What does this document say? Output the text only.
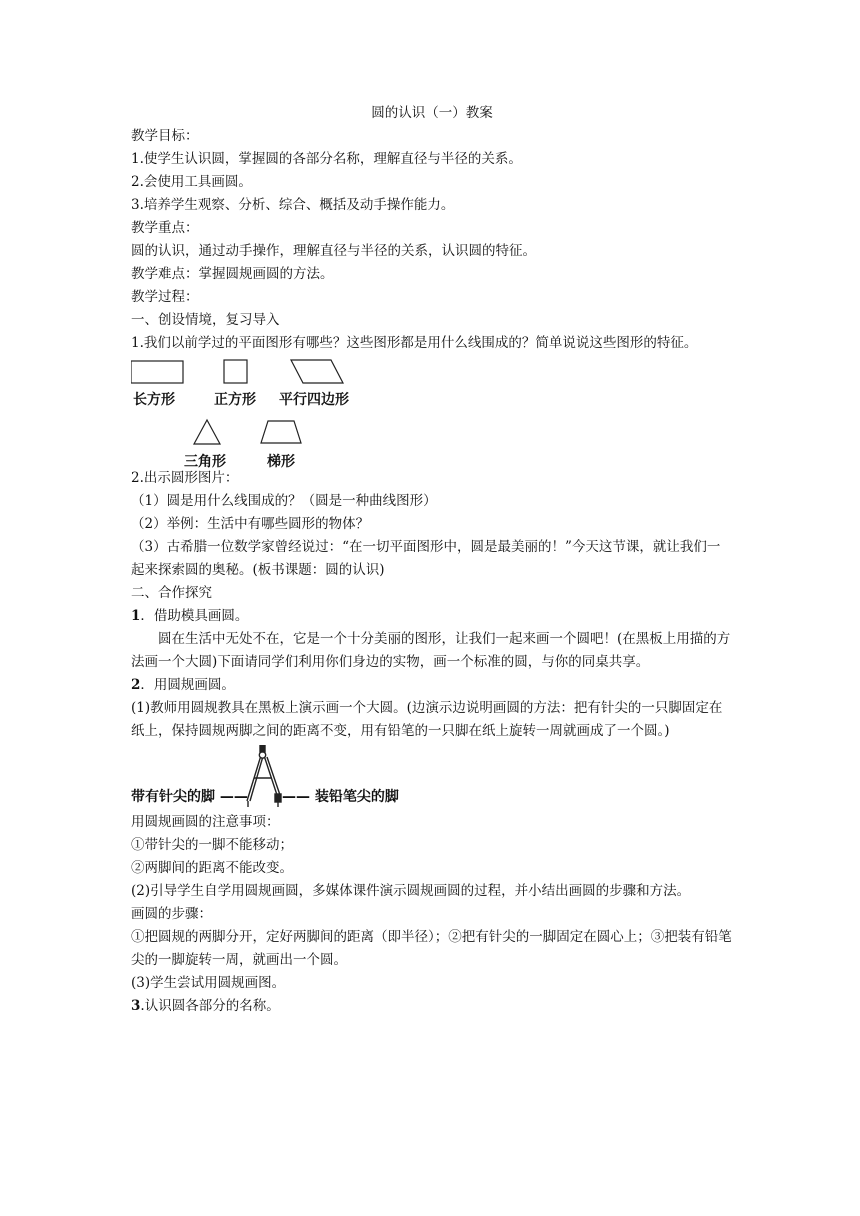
圆的认识（一）教案

教学目标：

1.使学生认识圆，掌握圆的各部分名称，理解直径与半径的关系。

2.会使用工具画圆。

3.培养学生观察、分析、综合、概括及动手操作能力。

教学重点：

圆的认识，通过动手操作，理解直径与半径的关系，认识圆的特征。

教学难点：掌握圆规画圆的方法。

教学过程：

一、创设情境，复习导入

1.我们以前学过的平面图形有哪些？这些图形都是用什么线围成的？简单说说这些图形的特征。

长方形	正方形 平行四边形
三角形	梯形

2.出示圆形图片：

（1）圆是用什么线围成的？（圆是一种曲线图形）

（2）举例：生活中有哪些圆形的物体？

（3）古希腊一位数学家曾经说过：“在一切平面图形中，圆是最美丽的！”今天这节课，就让我们一起来探索圆的奥秘。(板书课题：圆的认识)

二、合作探究

1．借助模具画圆。

圆在生活中无处不在，它是一个十分美丽的图形，让我们一起来画一个圆吧！(在黑板上用描的方法画一个大圆)下面请同学们利用你们身边的实物，画一个标准的圆，与你的同桌共享。

2．用圆规画圆。

(1)教师用圆规教具在黑板上演示画一个大圆。(边演示边说明画圆的方法：把有针尖的一只脚固定在纸上，保持圆规两脚之间的距离不变，用有铅笔的一只脚在纸上旋转一周就画成了一个圆。)

带有针尖的脚 —— —— 装铅笔尖的脚

用圆规画圆的注意事项：

①带针尖的一脚不能移动；

②两脚间的距离不能改变。

(2)引导学生自学用圆规画圆，多媒体课件演示圆规画圆的过程，并小结出画圆的步骤和方法。

画圆的步骤：

①把圆规的两脚分开，定好两脚间的距离（即半径）；②把有针尖的一脚固定在圆心上；③把装有铅笔尖的一脚旋转一周，就画出一个圆。

(3)学生尝试用圆规画图。

3.认识圆各部分的名称。
